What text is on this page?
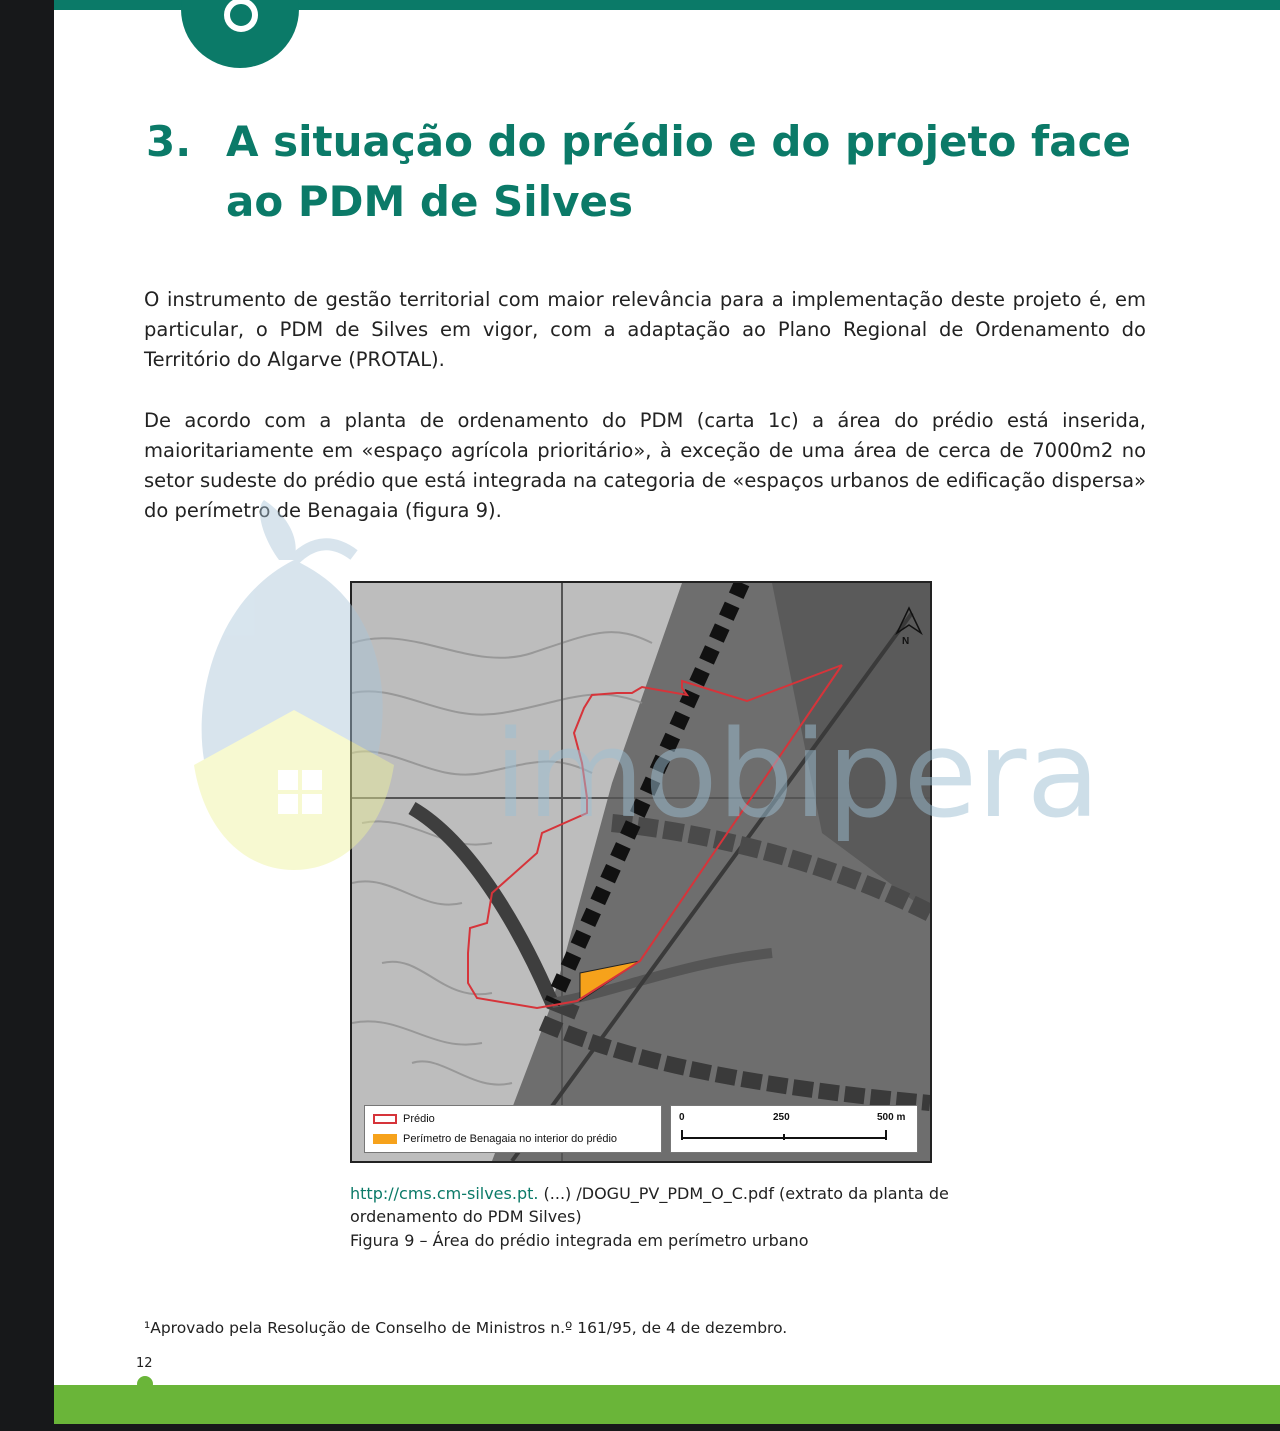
3. A situação do prédio e do projeto face ao PDM de Silves

O instrumento de gestão territorial com maior relevância para a implementação deste projeto é, em particular, o PDM de Silves em vigor, com a adaptação ao Plano Regional de Ordenamento do Território do Algarve (PROTAL).

De acordo com a planta de ordenamento do PDM (carta 1c) a área do prédio está inserida, maioritariamente em «espaço agrícola prioritário», à exceção de uma área de cerca de 7000m2 no setor sudeste do prédio que está integrada na categoria de «espaços urbanos de edificação dispersa» do perímetro de Benagaia (figura 9).

N
Prédio
Perímetro de Benagaia no interior do prédio
0	250	500 m
imobipera

http://cms.cm-silves.pt. (...) /DOGU_PV_PDM_O_C.pdf (extrato da planta de ordenamento do PDM Silves)

Figura 9 – Área do prédio integrada em perímetro urbano

¹Aprovado pela Resolução de Conselho de Ministros n.º 161/95, de 4 de dezembro.
12
